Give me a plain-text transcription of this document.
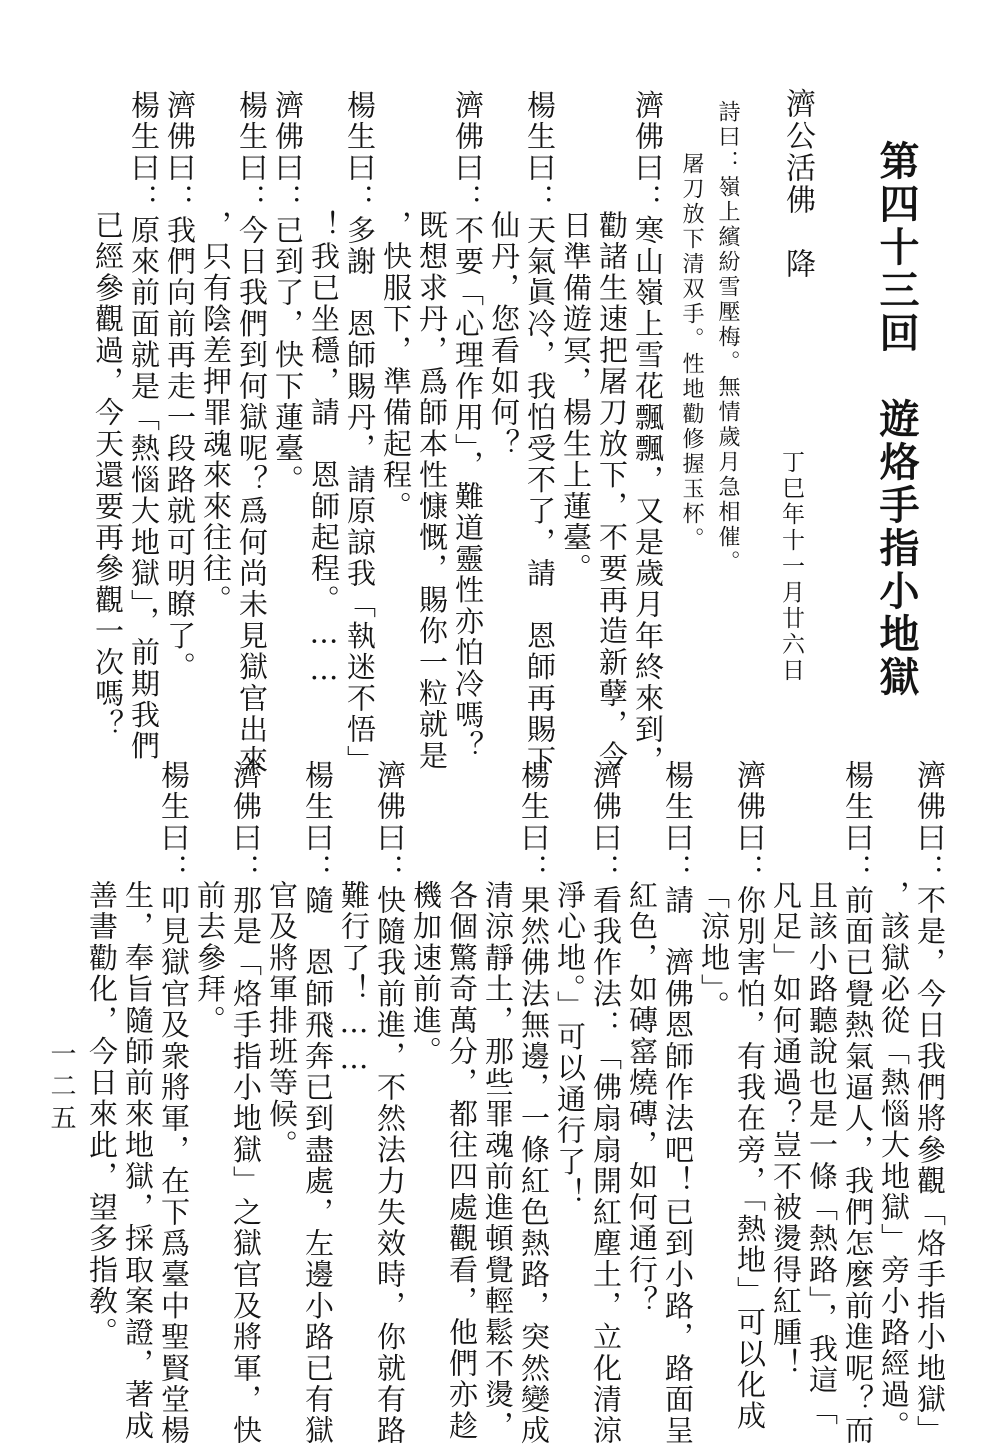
第四十三回　遊烙手指小地獄
丁巳年十一月廿六日
濟公活佛　降
詩曰：嶺上繽紛雪壓梅。無情歲月急相催。
屠刀放下清双手。性地勸修握玉杯。
濟佛曰：寒山嶺上雪花飄飄，又是歲月年終來到，
勸諸生速把屠刀放下，不要再造新孽，今
日準備遊冥，楊生上蓮臺。
楊生曰：天氣眞冷，我怕受不了，請　恩師再賜下
仙丹，您看如何？
濟佛曰：不要「心理作用」，難道靈性亦怕冷嗎？
既想求丹，爲師本性慷慨，賜你一粒就是
，快服下，準備起程。
楊生曰：多謝　恩師賜丹，請原諒我「執迷不悟」
！我已坐穩，請　恩師起程。……
濟佛曰：已到了，快下蓮臺。
楊生曰：今日我們到何獄呢？爲何尚未見獄官出來
，只有陰差押罪魂來來往往。
濟佛曰：我們向前再走一段路就可明瞭了。
楊生曰：原來前面就是「熱惱大地獄」，前期我們
已經參觀過，今天還要再參觀一次嗎？
濟佛曰：不是，今日我們將參觀「烙手指小地獄」
，該獄必從「熱惱大地獄」旁小路經過。
楊生曰：前面已覺熱氣逼人，我們怎麼前進呢？而
且該小路聽說也是一條「熱路」，我這「
凡足」如何通過？豈不被燙得紅腫！
濟佛曰：你別害怕，有我在旁，「熱地」可以化成
「涼地」。
楊生曰：請　濟佛恩師作法吧！已到小路，路面呈
紅色，如磚窰燒磚，如何通行？
濟佛曰：看我作法：「佛扇扇開紅塵土，立化清涼
淨心地。」可以通行了！
楊生曰：果然佛法無邊，一條紅色熱路，突然變成
清涼靜土，那些罪魂前進頓覺輕鬆不燙，
各個驚奇萬分，都往四處觀看，他們亦趁
機加速前進。
濟佛曰：快隨我前進，不然法力失效時，你就有路
難行了！……
楊生曰：隨　恩師飛奔已到盡處，左邊小路已有獄
官及將軍排班等候。
濟佛曰：那是「烙手指小地獄」之獄官及將軍，快
前去參拜。
楊生曰：叩見獄官及衆將軍，在下爲臺中聖賢堂楊
生，奉旨隨師前來地獄，採取案證，著成
善書勸化，今日來此，望多指敎。
一二五
